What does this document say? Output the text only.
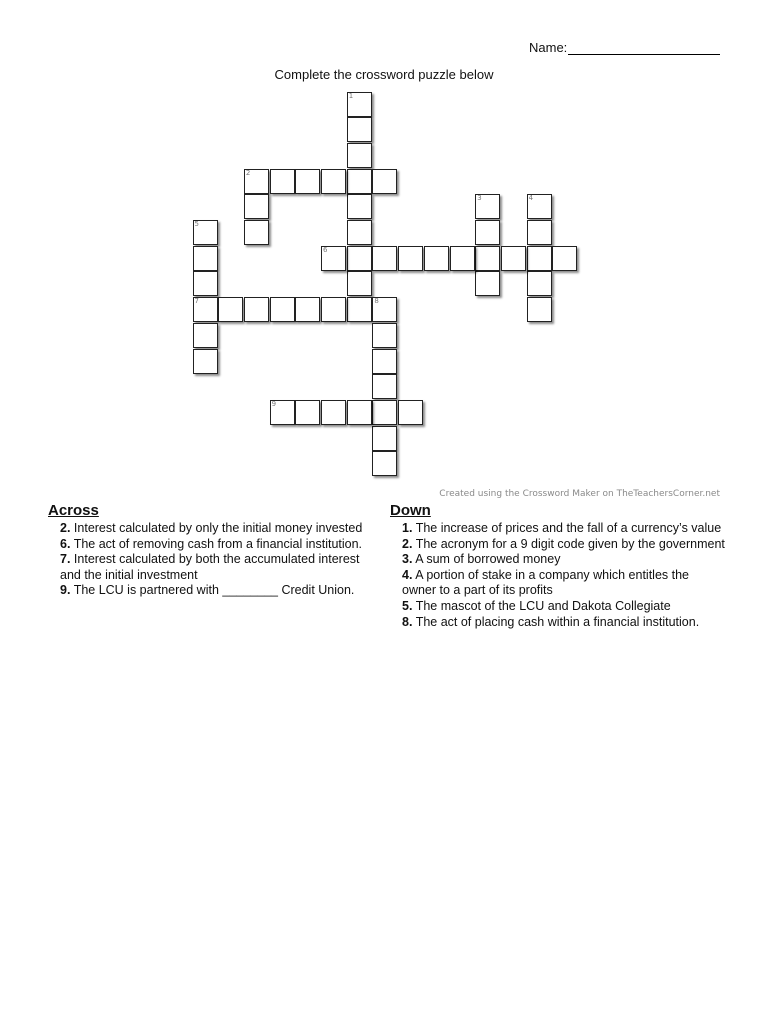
Name:
Complete the crossword puzzle below
1
2
3	4
5
7
6
8
9
Created using the Crossword Maker on TheTeachersCorner.net
Across
2. Interest calculated by only the initial money invested
6. The act of removing cash from a financial institution.
7. Interest calculated by both the accumulated interest and the initial investment
9. The LCU is partnered with ________ Credit Union.
Down
1. The increase of prices and the fall of a currency’s value
2. The acronym for a 9 digit code given by the government
3. A sum of borrowed money
4. A portion of stake in a company which entitles the owner to a part of its profits
5. The mascot of the LCU and Dakota Collegiate
8. The act of placing cash within a financial institution.
